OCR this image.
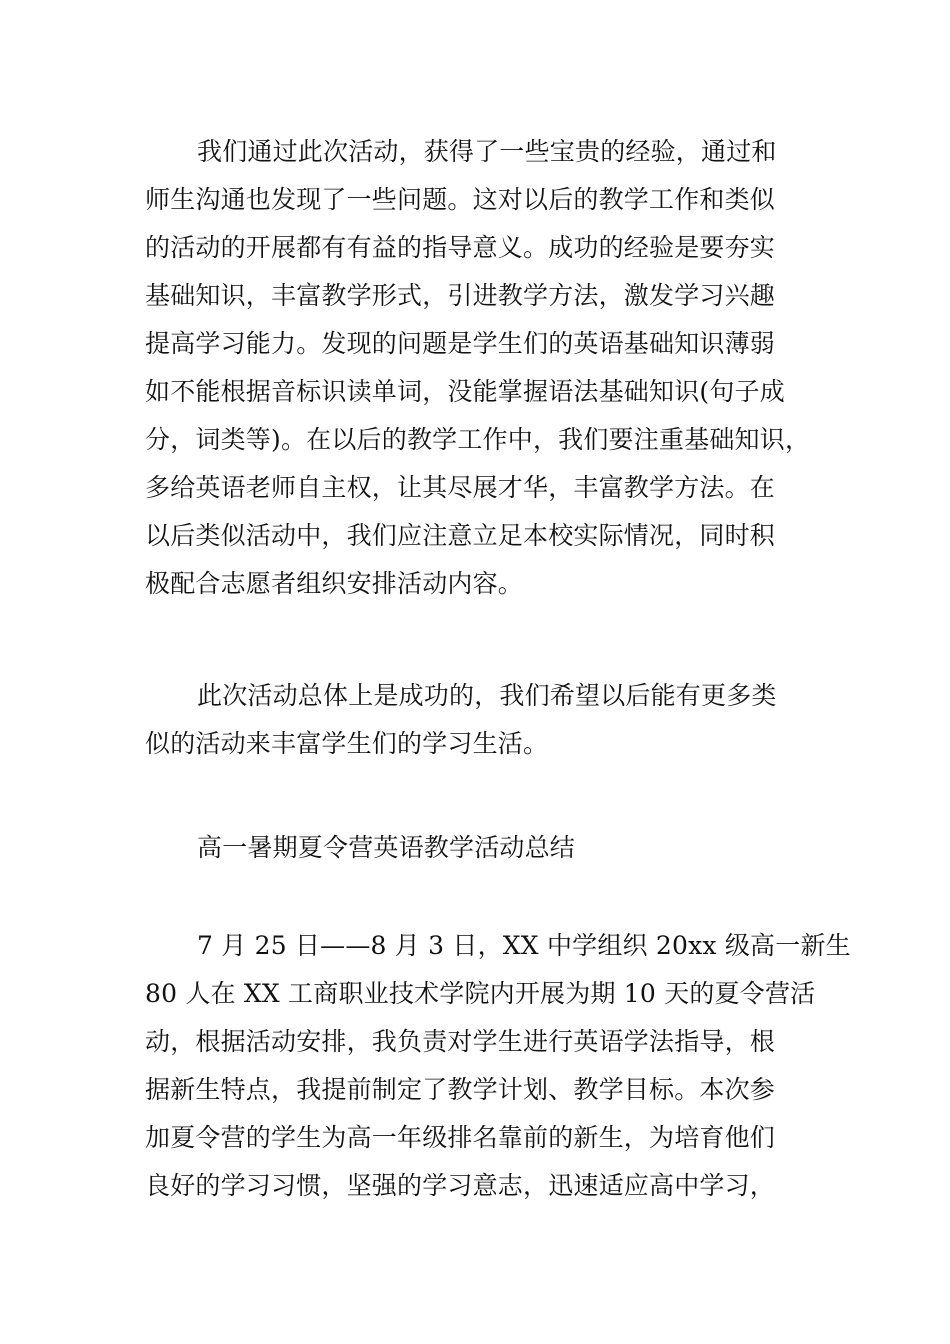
我们通过此次活动，获得了一些宝贵的经验，通过和
师生沟通也发现了一些问题。这对以后的教学工作和类似
的活动的开展都有有益的指导意义。成功的经验是要夯实
基础知识，丰富教学形式，引进教学方法，激发学习兴趣
提高学习能力。发现的问题是学生们的英语基础知识薄弱
如不能根据音标识读单词，没能掌握语法基础知识(句子成
分，词类等)。在以后的教学工作中，我们要注重基础知识，
多给英语老师自主权，让其尽展才华，丰富教学方法。在
以后类似活动中，我们应注意立足本校实际情况，同时积
极配合志愿者组织安排活动内容。
此次活动总体上是成功的，我们希望以后能有更多类
似的活动来丰富学生们的学习生活。
高一暑期夏令营英语教学活动总结
7 月 25 日——8 月 3 日，XX 中学组织 20xx 级高一新生
80 人在 XX 工商职业技术学院内开展为期 10 天的夏令营活
动，根据活动安排，我负责对学生进行英语学法指导，根
据新生特点，我提前制定了教学计划、教学目标。本次参
加夏令营的学生为高一年级排名靠前的新生，为培育他们
良好的学习习惯，坚强的学习意志，迅速适应高中学习，
